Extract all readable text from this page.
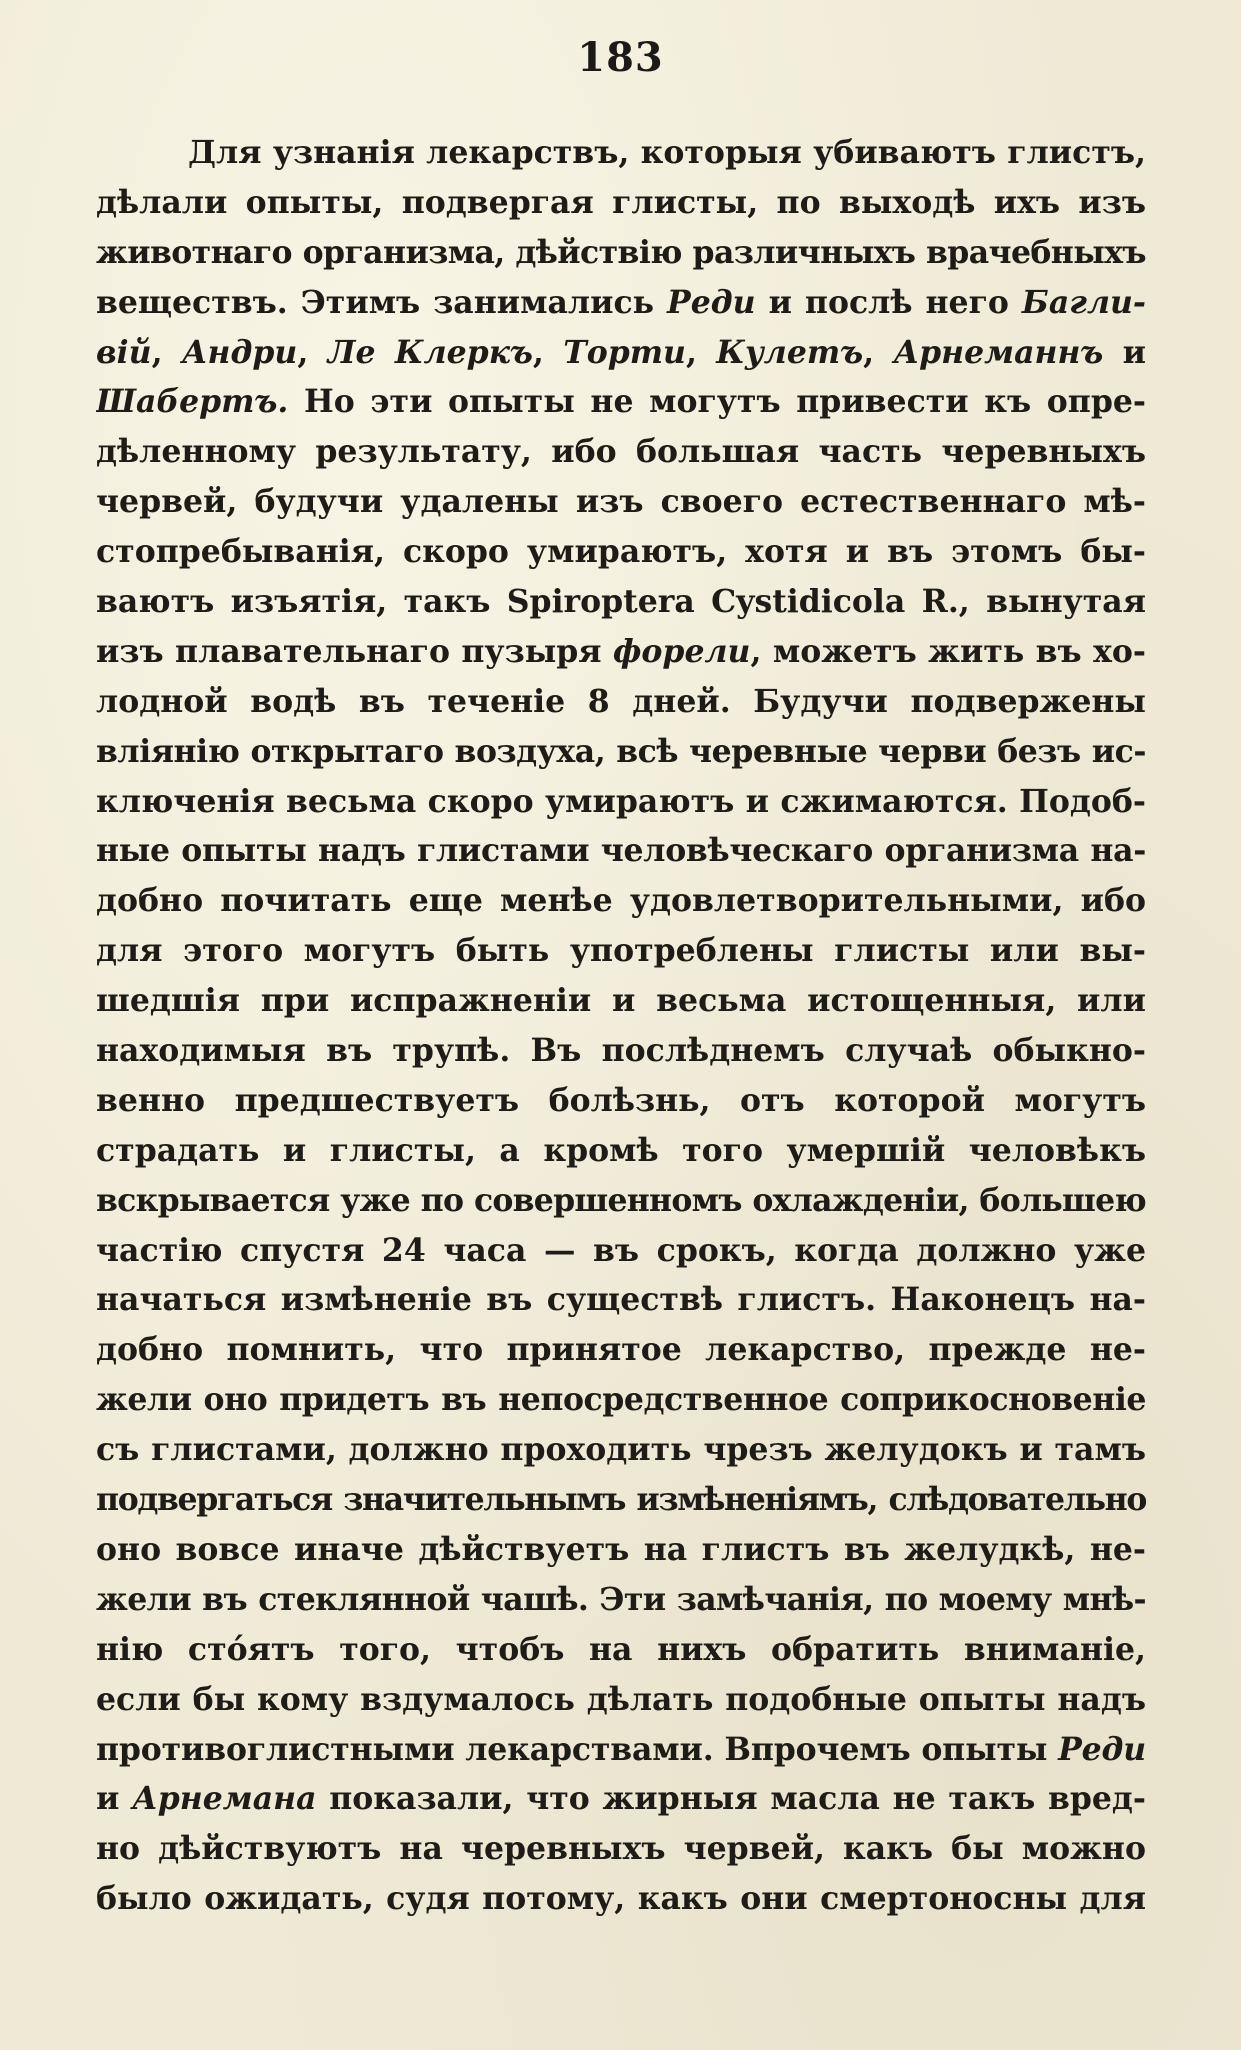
183
Для узнанія лекарствъ, которыя убиваютъ глистъ,
дѣлали опыты, подвергая глисты, по выходѣ ихъ изъ
животнаго организма, дѣйствію различныхъ врачебныхъ
веществъ. Этимъ занимались Реди и послѣ него Багли-
вій, Андри, Ле Клеркъ, Торти, Кулетъ, Арнеманнъ и
Шабертъ. Но эти опыты не могутъ привести къ опре-
дѣленному результату, ибо большая часть черевныхъ
червей, будучи удалены изъ своего естественнаго мѣ-
стопребыванія, скоро умираютъ, хотя и въ этомъ бы-
ваютъ изъятія, такъ Spiroptera Cystidicola R., вынутая
изъ плавательнаго пузыря форели, можетъ жить въ хо-
лодной водѣ въ теченіе 8 дней. Будучи подвержены
вліянію открытаго воздуха, всѣ черевные черви безъ ис-
ключенія весьма скоро умираютъ и сжимаются. Подоб-
ные опыты надъ глистами человѣческаго организма на-
добно почитать еще менѣе удовлетворительными, ибо
для этого могутъ быть употреблены глисты или вы-
шедшія при испражненіи и весьма истощенныя, или
находимыя въ трупѣ. Въ послѣднемъ случаѣ обыкно-
венно предшествуетъ болѣзнь, отъ которой могутъ
страдать и глисты, а кромѣ того умершій человѣкъ
вскрывается уже по совершенномъ охлажденіи, большею
частію спустя 24 часа — въ срокъ, когда должно уже
начаться измѣненіе въ существѣ глистъ. Наконецъ на-
добно помнить, что принятое лекарство, прежде не-
жели оно придетъ въ непосредственное соприкосновеніе
съ глистами, должно проходить чрезъ желудокъ и тамъ
подвергаться значительнымъ измѣненіямъ, слѣдовательно
оно вовсе иначе дѣйствуетъ на глистъ въ желудкѣ, не-
жели въ стеклянной чашѣ. Эти замѣчанія, по моему мнѣ-
нію стóятъ того, чтобъ на нихъ обратить вниманіе,
если бы кому вздумалось дѣлать подобные опыты надъ
противоглистными лекарствами. Впрочемъ опыты Реди
и Арнемана показали, что жирныя масла не такъ вред-
но дѣйствуютъ на черевныхъ червей, какъ бы можно
было ожидать, судя потому, какъ они смертоносны для
